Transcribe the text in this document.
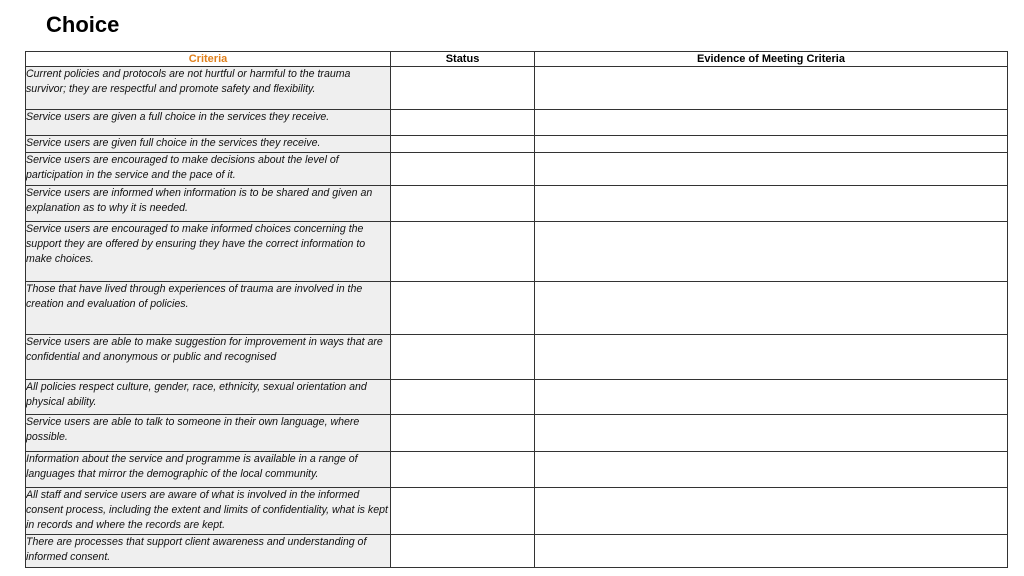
Choice
Criteria	Status	Evidence of Meeting Criteria
Current policies and protocols are not hurtful or harmful to the trauma survivor; they are respectful and promote safety and flexibility.		
Service users are given a full choice in the services they receive.		
Service users are given full choice in the services they receive.		
Service users are encouraged to make decisions about the level of participation in the service and the pace of it.		
Service users are informed when information is to be shared and given an explanation as to why it is needed.		
Service users are encouraged to make informed choices concerning the support they are offered by ensuring they have the correct information to make choices.		
Those that have lived through experiences of trauma are involved in the creation and evaluation of policies.		
Service users are able to make suggestion for improvement in ways that are confidential and anonymous or public and recognised		
All policies respect culture, gender, race, ethnicity, sexual orientation and physical ability.		
Service users are able to talk to someone in their own language, where possible.		
Information about the service and programme is available in a range of languages that mirror the demographic of the local community.		
All staff and service users are aware of what is involved in the informed consent process, including the extent and limits of confidentiality, what is kept in records and where the records are kept.		
There are processes that support client awareness and understanding of informed consent.		
